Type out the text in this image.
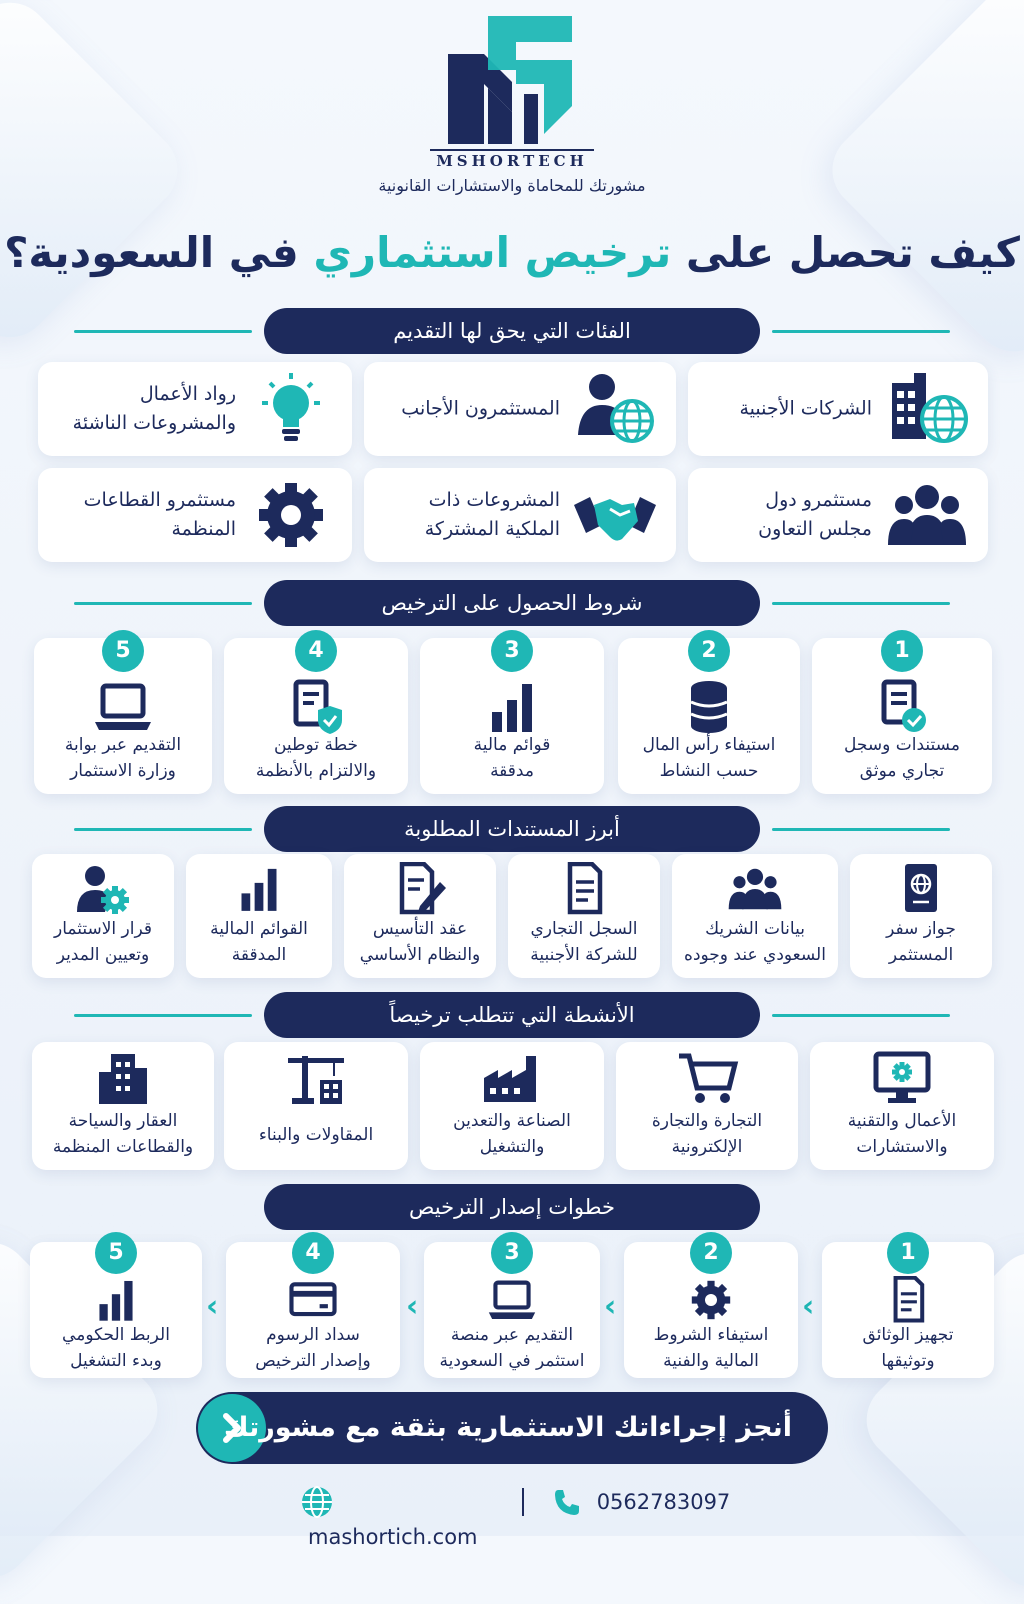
MSHORTECH
مشورتك للمحاماة والاستشارات القانونية
كيف تحصل على ترخيص استثماري في السعودية؟
الفئات التي يحق لها التقديم
الشركات الأجنبية
المستثمرون الأجانب
رواد الأعمال
والمشروعات الناشئة
مستثمرو دول
مجلس التعاون
المشروعات ذات
الملكية المشتركة
مستثمرو القطاعات
المنظمة
شروط الحصول على الترخيص
1
مستندات وسجل
تجاري موثق
2
استيفاء رأس المال
حسب النشاط
3
قوائم مالية
مدققة
4
خطة توطين
والالتزام بالأنظمة
5
التقديم عبر بوابة
وزارة الاستثمار
أبرز المستندات المطلوبة
جواز سفر
المستثمر
بيانات الشريك
السعودي عند وجوده
السجل التجاري
للشركة الأجنبية
عقد التأسيس
والنظام الأساسي
القوائم المالية
المدققة
قرار الاستثمار
وتعيين المدير
الأنشطة التي تتطلب ترخيصاً
الأعمال والتقنية
والاستشارات
التجارة والتجارة
الإلكترونية
الصناعة والتعدين
والتشغيل
المقاولات والبناء
العقار والسياحة
والقطاعات المنظمة
خطوات إصدار الترخيص
1
تجهيز الوثائق
وتوثيقها
‹
2
استيفاء الشروط
المالية والفنية
‹
3
التقديم عبر منصة
استثمر في السعودية
‹
4
سداد الرسوم
وإصدار الترخيص
‹
5
الربط الحكومي
وبدء التشغيل
أنجز إجراءاتك الاستثمارية بثقة مع مشورتك
mashortich.com
0562783097
